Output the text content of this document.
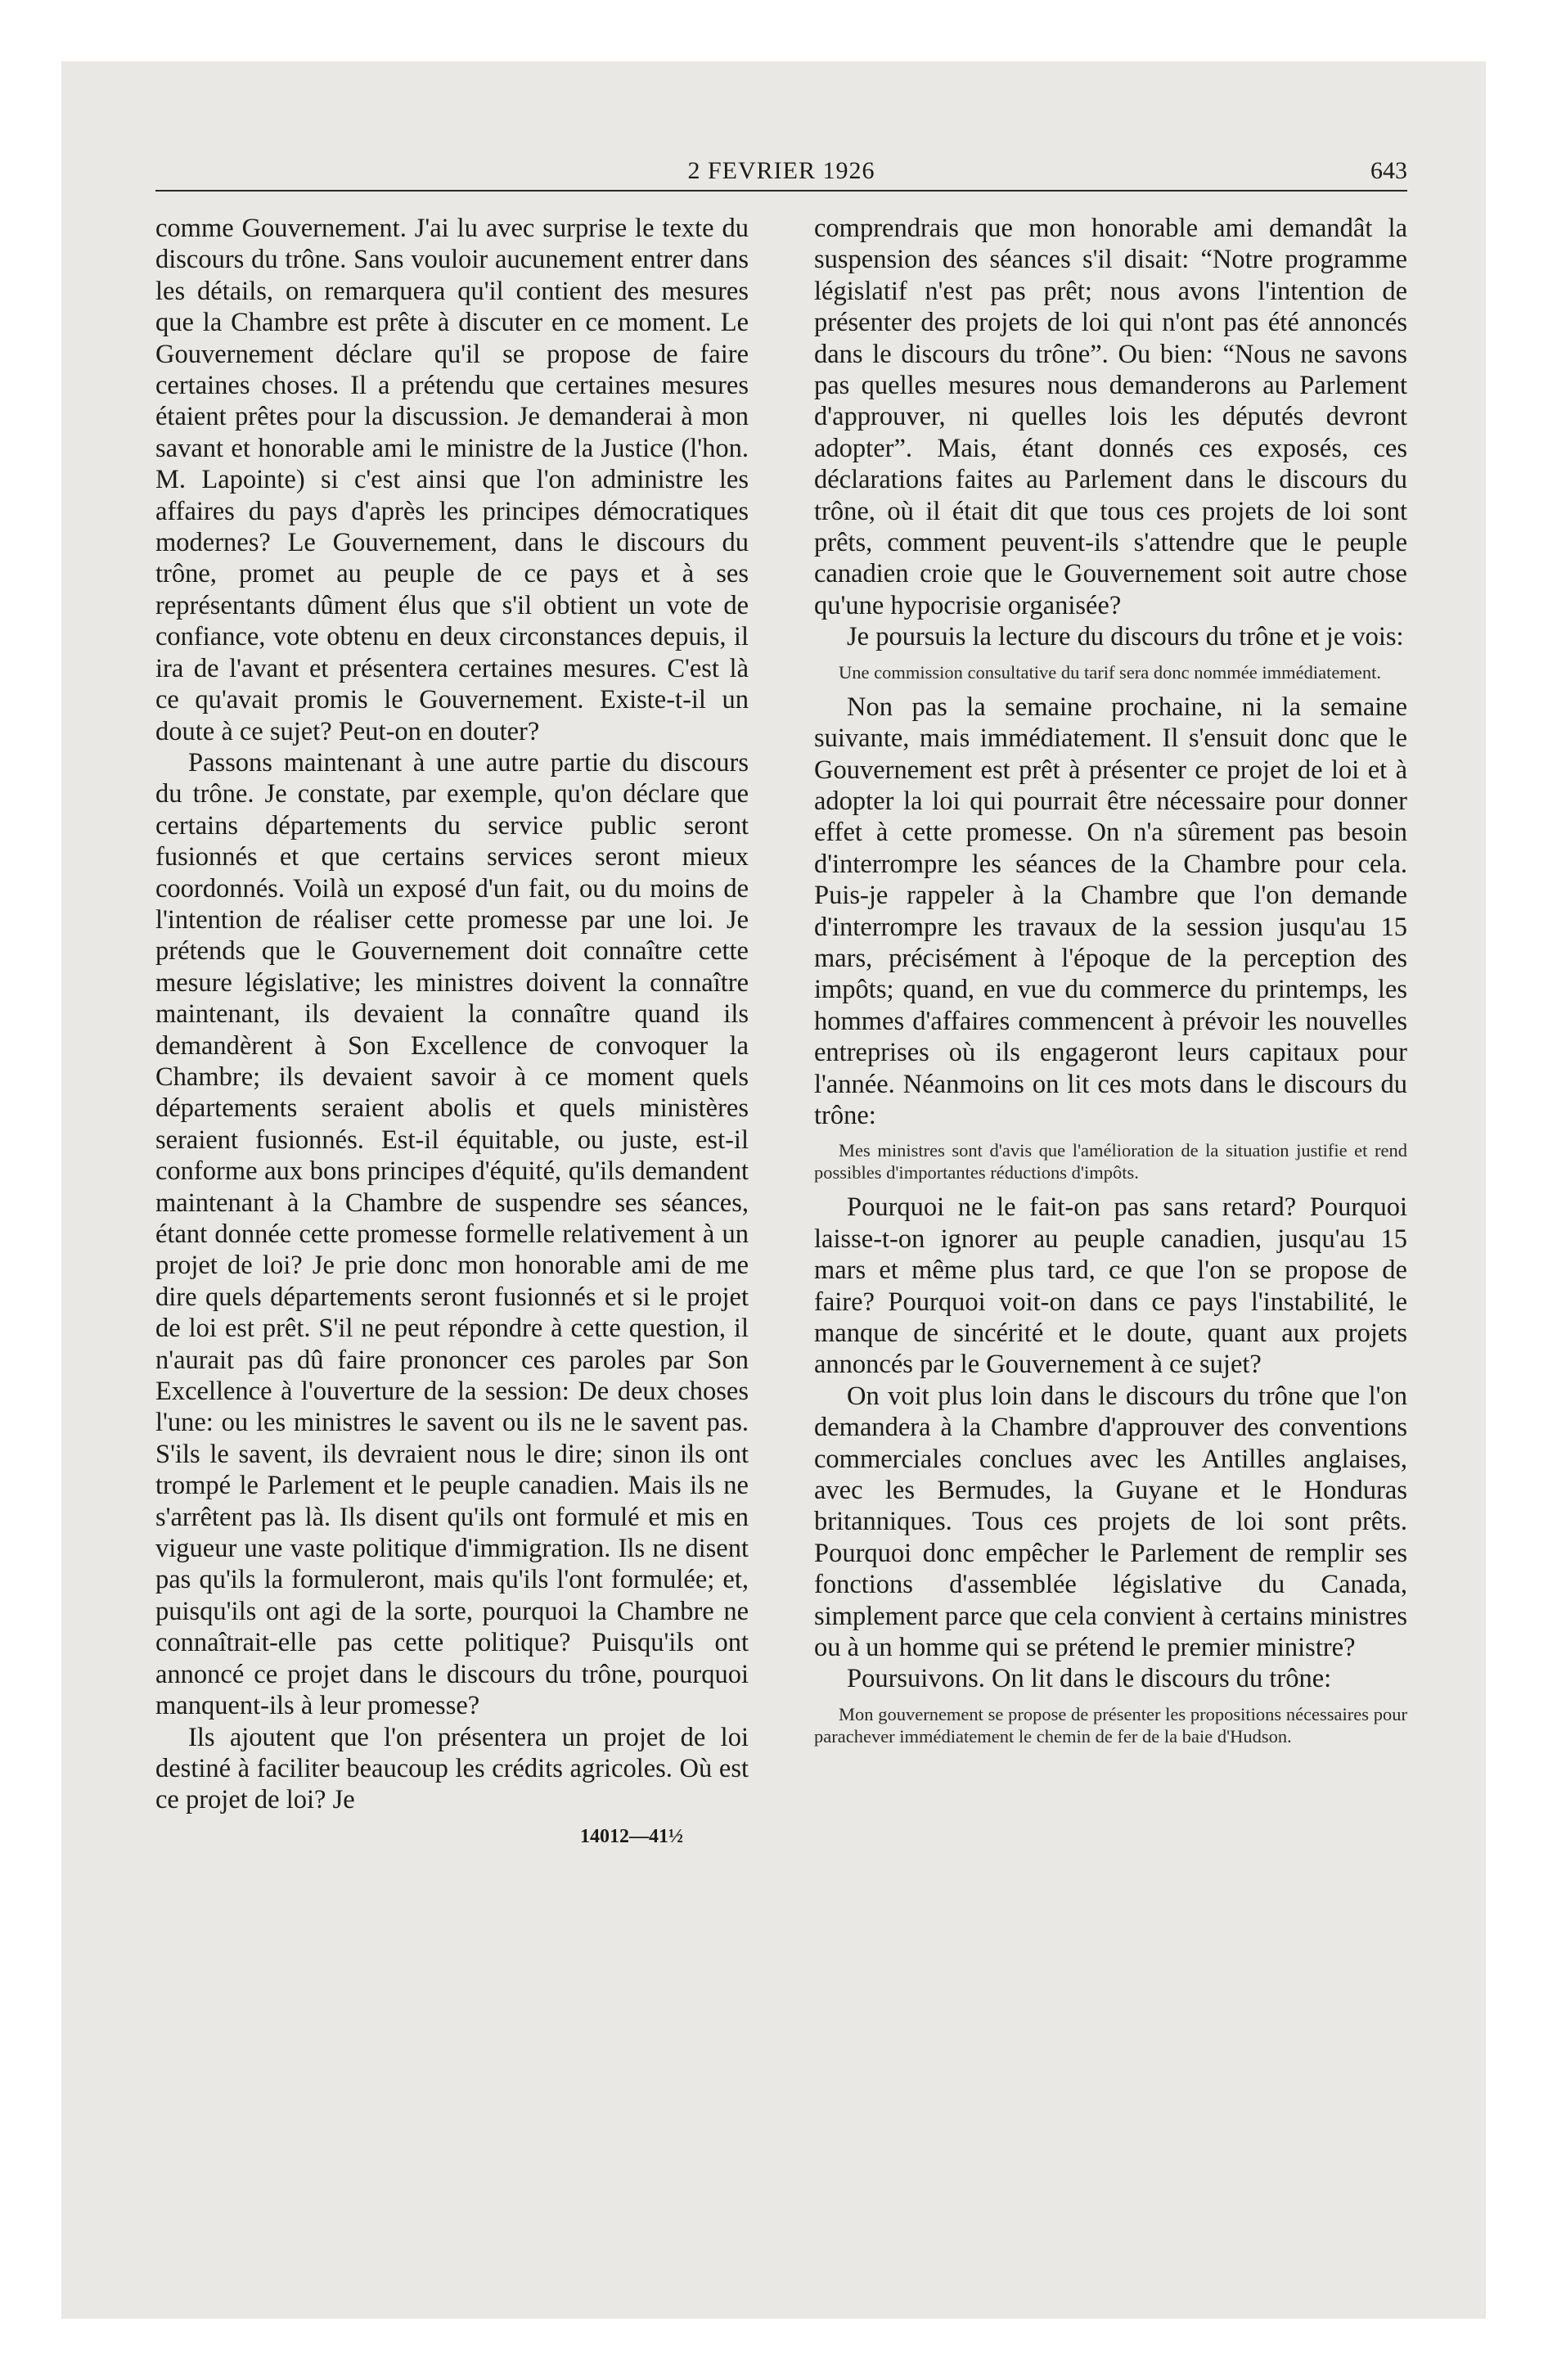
2 FEVRIER 1926	643

comme Gouvernement. J'ai lu avec surprise le texte du discours du trône. Sans vouloir aucunement entrer dans les détails, on remarquera qu'il contient des mesures que la Chambre est prête à discuter en ce moment. Le Gouvernement déclare qu'il se propose de faire certaines choses. Il a prétendu que certaines mesures étaient prêtes pour la discussion. Je demanderai à mon savant et honorable ami le ministre de la Justice (l'hon. M. Lapointe) si c'est ainsi que l'on administre les affaires du pays d'après les principes démocratiques modernes? Le Gouvernement, dans le discours du trône, promet au peuple de ce pays et à ses représentants dûment élus que s'il obtient un vote de confiance, vote obtenu en deux circonstances depuis, il ira de l'avant et présentera certaines mesures. C'est là ce qu'avait promis le Gouvernement. Existe-t-il un doute à ce sujet? Peut-on en douter?

Passons maintenant à une autre partie du discours du trône. Je constate, par exemple, qu'on déclare que certains départements du service public seront fusionnés et que certains services seront mieux coordonnés. Voilà un exposé d'un fait, ou du moins de l'intention de réaliser cette promesse par une loi. Je prétends que le Gouvernement doit connaître cette mesure législative; les ministres doivent la connaître maintenant, ils devaient la connaître quand ils demandèrent à Son Excellence de convoquer la Chambre; ils devaient savoir à ce moment quels départements seraient abolis et quels ministères seraient fusionnés. Est-il équitable, ou juste, est-il conforme aux bons principes d'équité, qu'ils demandent maintenant à la Chambre de suspendre ses séances, étant donnée cette promesse formelle relativement à un projet de loi? Je prie donc mon honorable ami de me dire quels départements seront fusionnés et si le projet de loi est prêt. S'il ne peut répondre à cette question, il n'aurait pas dû faire prononcer ces paroles par Son Excellence à l'ouverture de la session: De deux choses l'une: ou les ministres le savent ou ils ne le savent pas. S'ils le savent, ils devraient nous le dire; sinon ils ont trompé le Parlement et le peuple canadien. Mais ils ne s'arrêtent pas là. Ils disent qu'ils ont formulé et mis en vigueur une vaste politique d'immigration. Ils ne disent pas qu'ils la formuleront, mais qu'ils l'ont formulée; et, puisqu'ils ont agi de la sorte, pourquoi la Chambre ne connaîtrait-elle pas cette politique? Puisqu'ils ont annoncé ce projet dans le discours du trône, pourquoi manquent-ils à leur promesse?

Ils ajoutent que l'on présentera un projet de loi destiné à faciliter beaucoup les crédits agricoles. Où est ce projet de loi? Je

14012—41½

comprendrais que mon honorable ami demandât la suspension des séances s'il disait: “Notre programme législatif n'est pas prêt; nous avons l'intention de présenter des projets de loi qui n'ont pas été annoncés dans le discours du trône”. Ou bien: “Nous ne savons pas quelles mesures nous demanderons au Parlement d'approuver, ni quelles lois les députés devront adopter”. Mais, étant donnés ces exposés, ces déclarations faites au Parlement dans le discours du trône, où il était dit que tous ces projets de loi sont prêts, comment peuvent-ils s'attendre que le peuple canadien croie que le Gouvernement soit autre chose qu'une hypocrisie organisée?

Je poursuis la lecture du discours du trône et je vois:

Une commission consultative du tarif sera donc nommée immédiatement.

Non pas la semaine prochaine, ni la semaine suivante, mais immédiatement. Il s'ensuit donc que le Gouvernement est prêt à présenter ce projet de loi et à adopter la loi qui pourrait être nécessaire pour donner effet à cette promesse. On n'a sûrement pas besoin d'interrompre les séances de la Chambre pour cela. Puis-je rappeler à la Chambre que l'on demande d'interrompre les travaux de la session jusqu'au 15 mars, précisément à l'époque de la perception des impôts; quand, en vue du commerce du printemps, les hommes d'affaires commencent à prévoir les nouvelles entreprises où ils engageront leurs capitaux pour l'année. Néanmoins on lit ces mots dans le discours du trône:

Mes ministres sont d'avis que l'amélioration de la situation justifie et rend possibles d'importantes réductions d'impôts.

Pourquoi ne le fait-on pas sans retard? Pourquoi laisse-t-on ignorer au peuple canadien, jusqu'au 15 mars et même plus tard, ce que l'on se propose de faire? Pourquoi voit-on dans ce pays l'instabilité, le manque de sincérité et le doute, quant aux projets annoncés par le Gouvernement à ce sujet?

On voit plus loin dans le discours du trône que l'on demandera à la Chambre d'approuver des conventions commerciales conclues avec les Antilles anglaises, avec les Bermudes, la Guyane et le Honduras britanniques. Tous ces projets de loi sont prêts. Pourquoi donc empêcher le Parlement de remplir ses fonctions d'assemblée législative du Canada, simplement parce que cela convient à certains ministres ou à un homme qui se prétend le premier ministre?

Poursuivons. On lit dans le discours du trône:

Mon gouvernement se propose de présenter les propositions nécessaires pour parachever immédiatement le chemin de fer de la baie d'Hudson.
